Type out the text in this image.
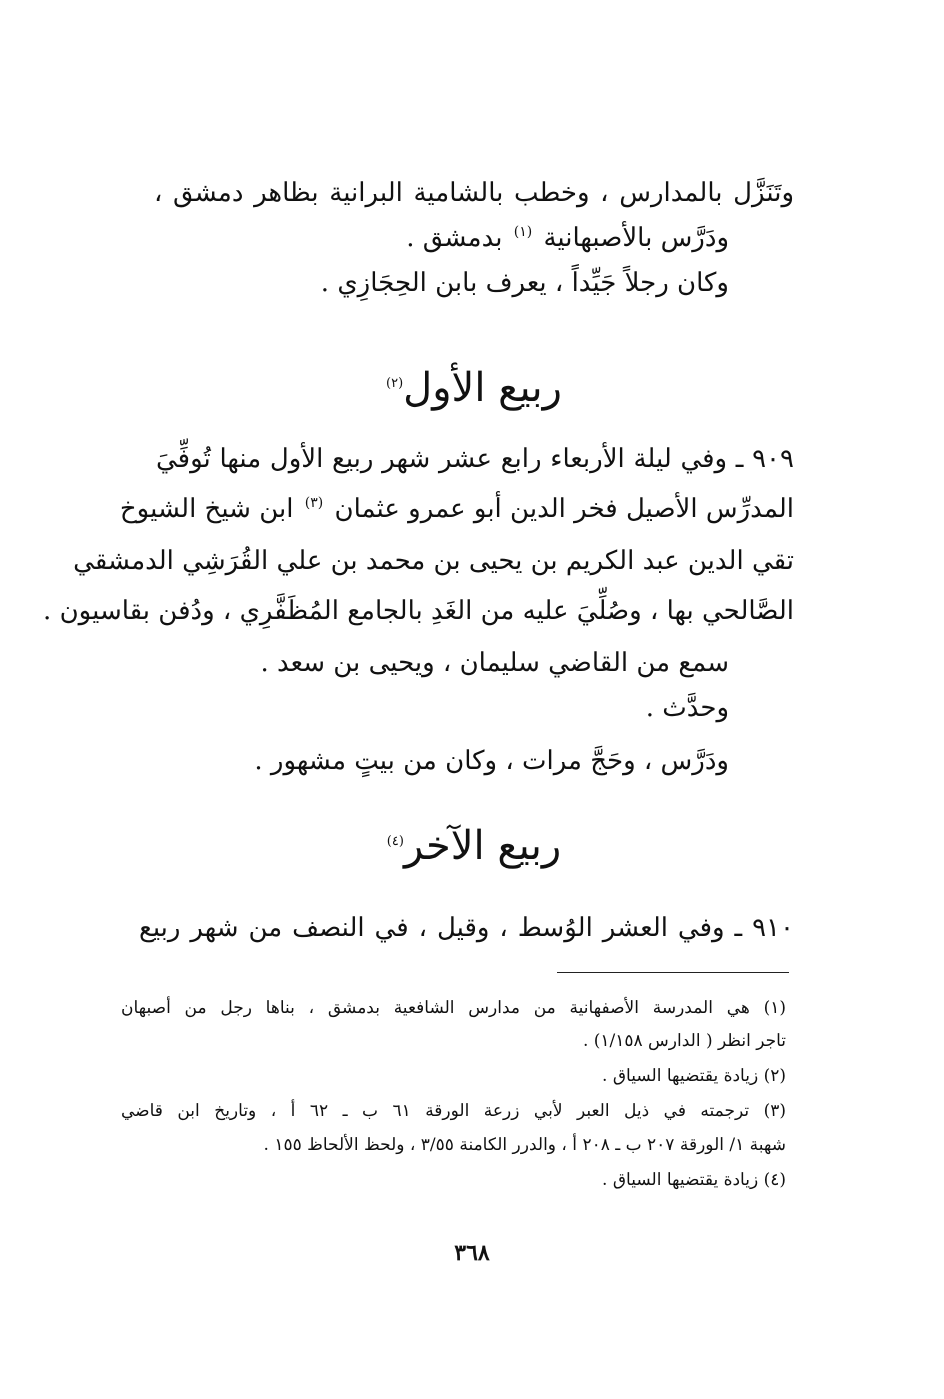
وتَنَزَّل بالمدارس ، وخطب بالشامية البرانية بظاهر دمشق ،
ودَرَّس بالأصبهانية $^{(١)}$ بدمشق .
وكان رجلاً جَيِّداً ، يعرف بابن الحِجَازِي .
ربيع الأول$^{(٢)}$
٩٠٩ ـ وفي ليلة الأربعاء رابع عشر شهر ربيع الأول منها تُوفِّيَ
المدرِّس الأصيل فخر الدين أبو عمرو عثمان $^{(٣)}$ ابن شيخ الشيوخ
تقي الدين عبد الكريم بن يحيى بن محمد بن علي القُرَشِي الدمشقي
الصَّالحي بها ، وصُلِّيَ عليه من الغَدِ بالجامع المُظَفَّرِي ، ودُفن بقاسيون .
سمع من القاضي سليمان ، ويحيى بن سعد .
وحدَّث .
ودَرَّس ، وحَجَّ مرات ، وكان من بيتٍ مشهور .
ربيع الآخر$^{(٤)}$
٩١٠ ـ وفي العشر الوُسط ، وقيل ، في النصف من شهر ربيع
(١) هي المدرسة الأصفهانية من مدارس الشافعية بدمشق ، بناها رجل من أصبهان
تاجر انظر ( الدارس ١/١٥٨) .
(٢) زيادة يقتضيها السياق .
(٣) ترجمته في ذيل العبر لأبي زرعة الورقة ٦١ ب ـ ٦٢ أ ، وتاريخ ابن قاضي
شهبة ١/ الورقة ٢٠٧ ب ـ ٢٠٨ أ ، والدرر الكامنة ٣/٥٥ ، ولحظ الألحاظ ١٥٥ .
(٤) زيادة يقتضيها السياق .
٣٦٨
